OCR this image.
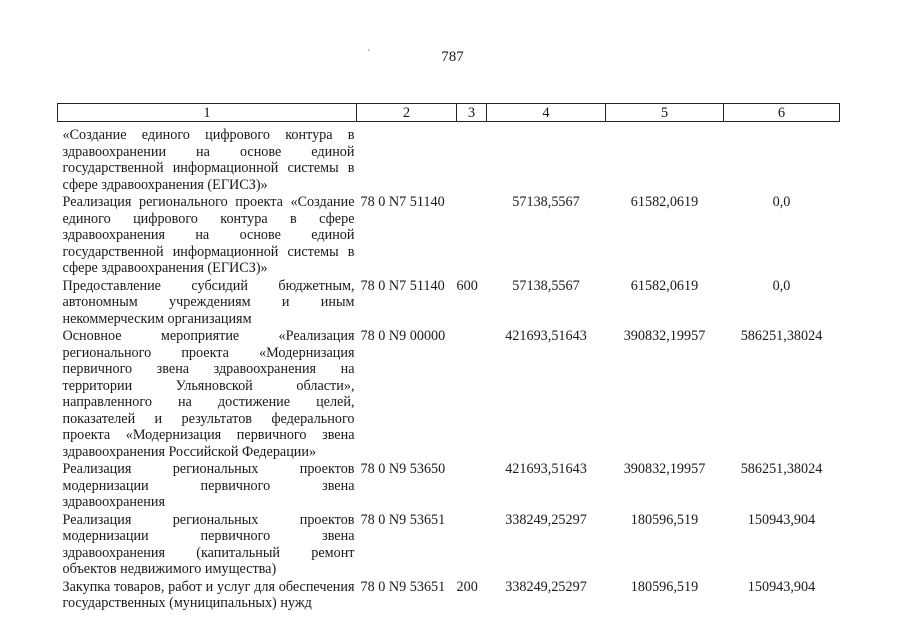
787
'
1	2	3	4	5	6
«Создание единого цифрового контура в здравоохранении на основе единой государственной информационной системы в сфере здравоохранения (ЕГИСЗ)»					
Реализация регионального проекта «Создание единого цифрового контура в сфере здравоохранения на основе единой государственной информационной системы в сфере здравоохранения (ЕГИСЗ)»	78 0 N7 51140		57138,5567	61582,0619	0,0
Предоставление субсидий бюджетным, автономным учреждениям и иным некоммерческим организациям	78 0 N7 51140	600	57138,5567	61582,0619	0,0
Основное мероприятие «Реализация регионального проекта «Модернизация первичного звена здравоохранения на территории Ульяновской области», направленного на достижение целей, показателей и результатов федерального проекта «Модернизация первичного звена здравоохранения Российской Федерации»	78 0 N9 00000		421693,51643	390832,19957	586251,38024
Реализация региональных проектов модернизации первичного звена здравоохранения	78 0 N9 53650		421693,51643	390832,19957	586251,38024
Реализация региональных проектов модернизации первичного звена здравоохранения (капитальный ремонт объектов недвижимого имущества)	78 0 N9 53651		338249,25297	180596,519	150943,904
Закупка товаров, работ и услуг для обеспечения государственных (муниципальных) нужд	78 0 N9 53651	200	338249,25297	180596,519	150943,904
